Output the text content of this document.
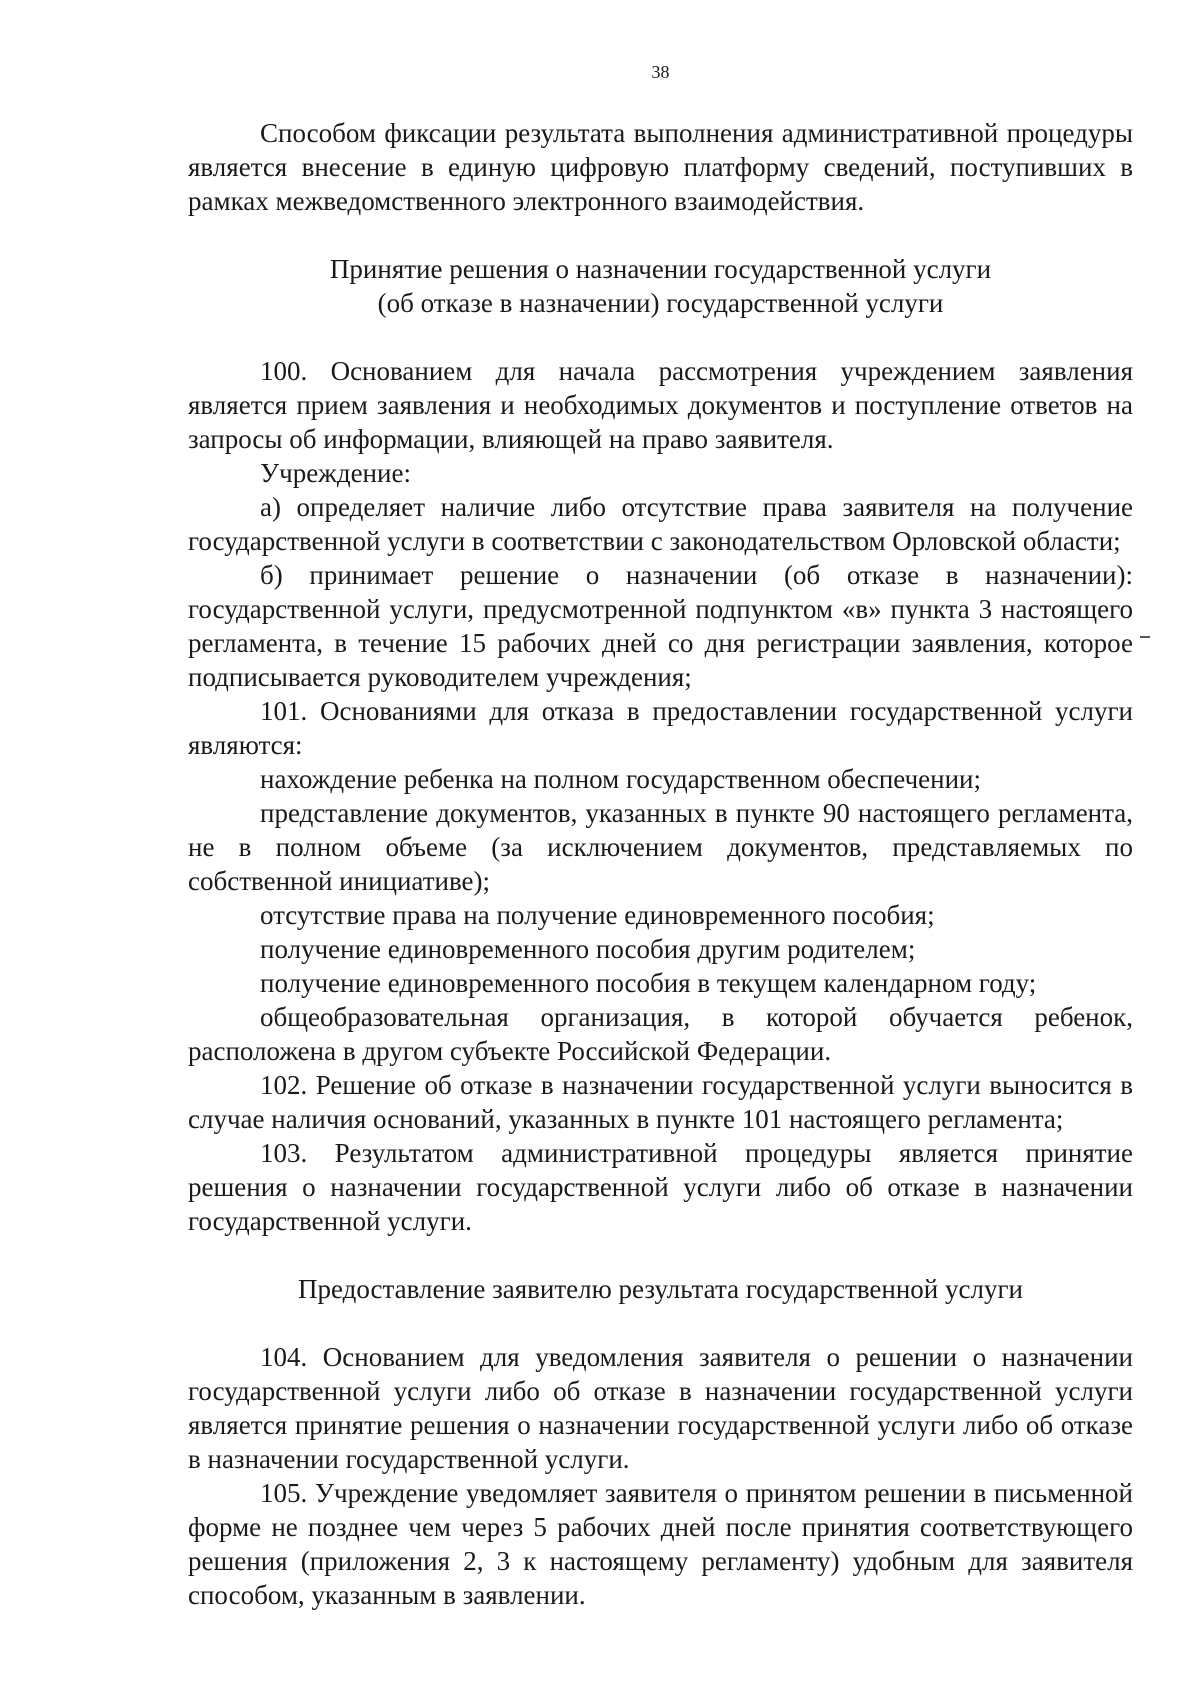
38

Способом фиксации результата выполнения административной процедуры является внесение в единую цифровую платформу сведений, поступивших в рамках межведомственного электронного взаимодействия.

Принятие решения о назначении государственной услуги
(об отказе в назначении) государственной услуги

100. Основанием для начала рассмотрения учреждением заявления является прием заявления и необходимых документов и поступление ответов на запросы об информации, влияющей на право заявителя.

Учреждение:

а) определяет наличие либо отсутствие права заявителя на получение государственной услуги в соответствии с законодательством Орловской области;

б) принимает решение о назначении (об отказе в назначении): государственной услуги, предусмотренной подпунктом «в» пункта 3 настоящего регламента, в течение 15 рабочих дней со дня регистрации заявления, которое подписывается руководителем учреждения;

101. Основаниями для отказа в предоставлении государственной услуги являются:

нахождение ребенка на полном государственном обеспечении;

представление документов, указанных в пункте 90 настоящего регламента, не в полном объеме (за исключением документов, представляемых по собственной инициативе);

отсутствие права на получение единовременного пособия;

получение единовременного пособия другим родителем;

получение единовременного пособия в текущем календарном году;

общеобразовательная организация, в которой обучается ребенок, расположена в другом субъекте Российской Федерации.

102. Решение об отказе в назначении государственной услуги выносится в случае наличия оснований, указанных в пункте 101 настоящего регламента;

103. Результатом административной процедуры является принятие решения о назначении государственной услуги либо об отказе в назначении государственной услуги.

Предоставление заявителю результата государственной услуги

104. Основанием для уведомления заявителя о решении о назначении государственной услуги либо об отказе в назначении государственной услуги является принятие решения о назначении государственной услуги либо об отказе в назначении государственной услуги.

105. Учреждение уведомляет заявителя о принятом решении в письменной форме не позднее чем через 5 рабочих дней после принятия соответствующего решения (приложения 2, 3 к настоящему регламенту) удобным для заявителя способом, указанным в заявлении.
